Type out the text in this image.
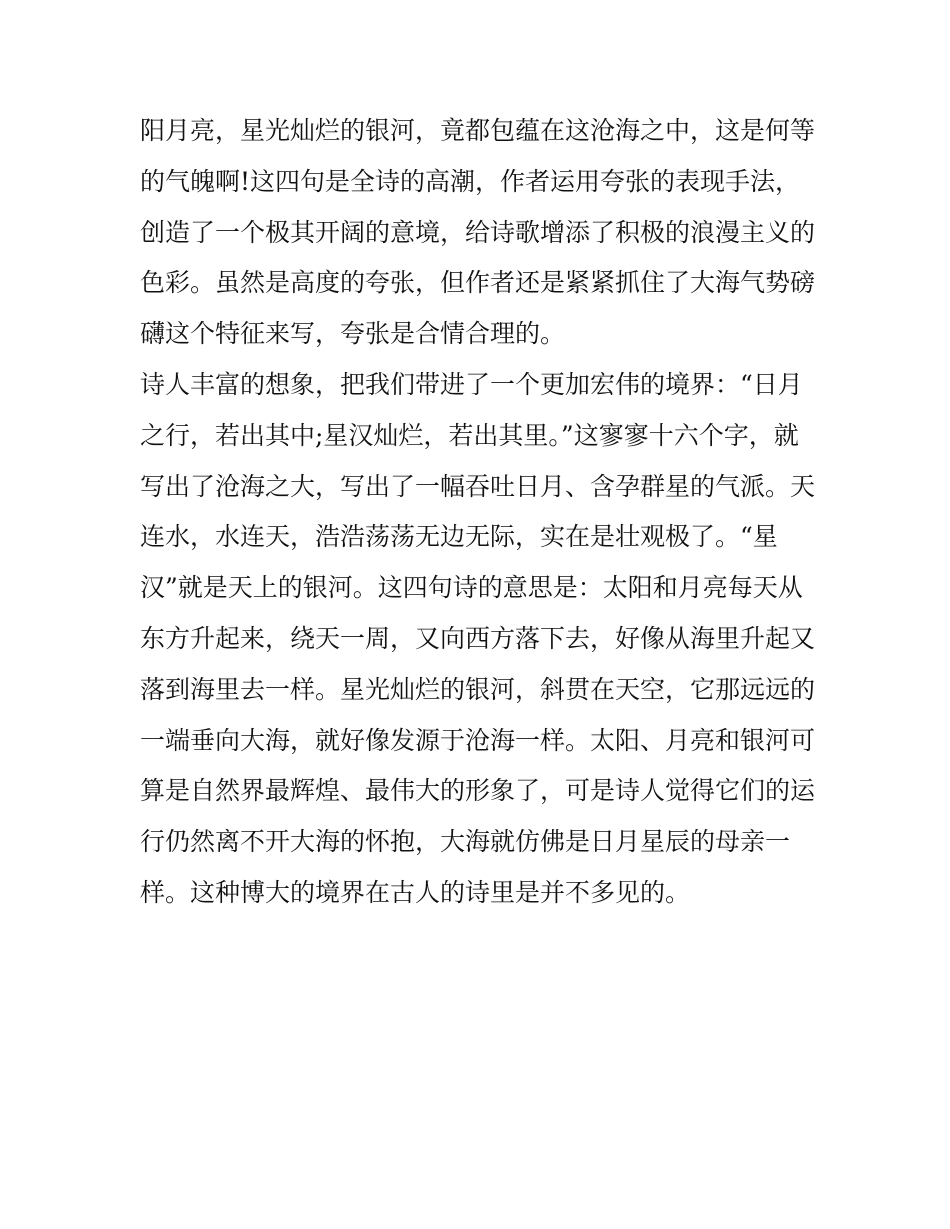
阳月亮，星光灿烂的银河，竟都包蕴在这沧海之中，这是何等
的气魄啊!这四句是全诗的高潮，作者运用夸张的表现手法，
创造了一个极其开阔的意境，给诗歌增添了积极的浪漫主义的
色彩。虽然是高度的夸张，但作者还是紧紧抓住了大海气势磅
礴这个特征来写，夸张是合情合理的。
诗人丰富的想象，把我们带进了一个更加宏伟的境界：“日月
之行，若出其中;星汉灿烂，若出其里。”这寥寥十六个字，就
写出了沧海之大，写出了一幅吞吐日月、含孕群星的气派。天
连水，水连天，浩浩荡荡无边无际，实在是壮观极了。“星
汉”就是天上的银河。这四句诗的意思是：太阳和月亮每天从
东方升起来，绕天一周，又向西方落下去，好像从海里升起又
落到海里去一样。星光灿烂的银河，斜贯在天空，它那远远的
一端垂向大海，就好像发源于沧海一样。太阳、月亮和银河可
算是自然界最辉煌、最伟大的形象了，可是诗人觉得它们的运
行仍然离不开大海的怀抱，大海就仿佛是日月星辰的母亲一
样。这种博大的境界在古人的诗里是并不多见的。
